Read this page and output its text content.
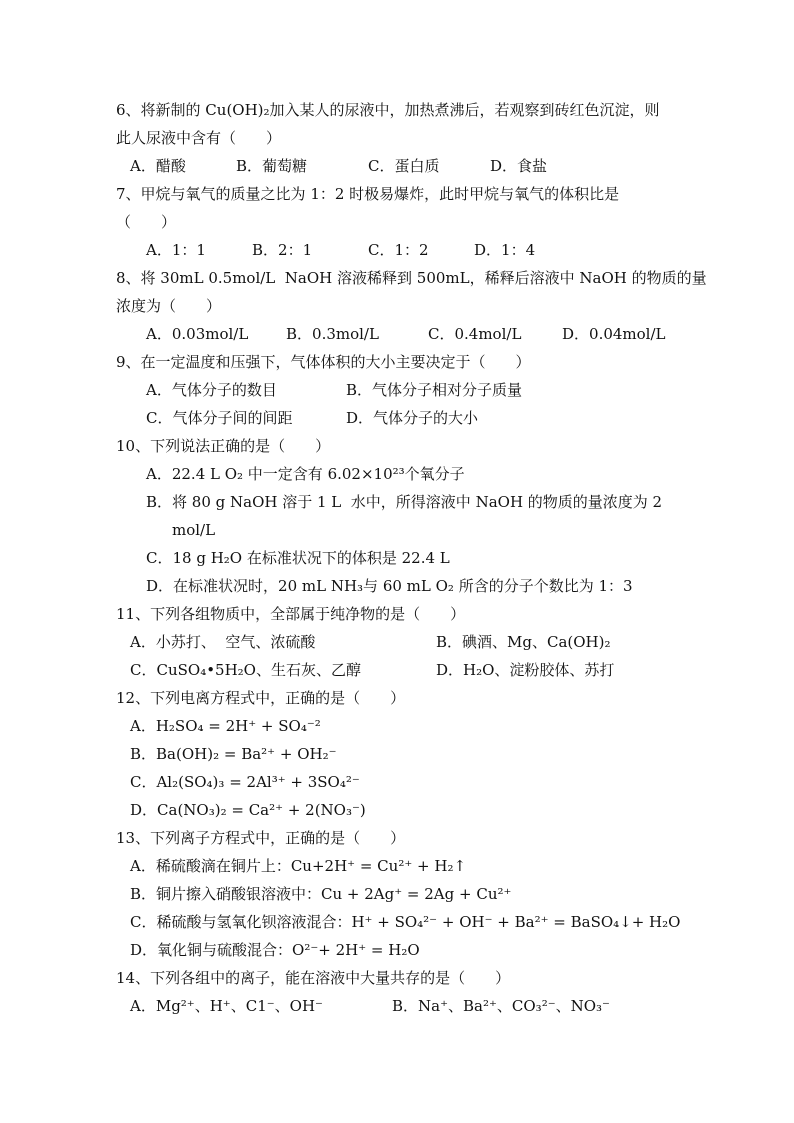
6、将新制的 Cu(OH)₂加入某人的尿液中，加热煮沸后，若观察到砖红色沉淀，则
此人尿液中含有（　　）
A．醋酸	B．葡萄糖	C．蛋白质	D．食盐
7、甲烷与氧气的质量之比为 1：2 时极易爆炸，此时甲烷与氧气的体积比是
（　　）
A．1：1	B．2：1	C．1：2	D．1：4
8、将 30mL 0.5mol/L  NaOH 溶液稀释到 500mL，稀释后溶液中 NaOH 的物质的量
浓度为（　　）
A．0.03mol/L	B．0.3mol/L	C．0.4mol/L	D．0.04mol/L
9、在一定温度和压强下，气体体积的大小主要决定于（　　）
A．气体分子的数目	B．气体分子相对分子质量
C．气体分子间的间距	D．气体分子的大小
10、下列说法正确的是（　　）
A．22.4 L O₂ 中一定含有 6.02×10²³个氧分子
B．将 80 g NaOH 溶于 1 L  水中，所得溶液中 NaOH 的物质的量浓度为 2
mol/L
C．18 g H₂O 在标准状况下的体积是 22.4 L
D．在标准状况时，20 mL NH₃与 60 mL O₂ 所含的分子个数比为 1：3
11、下列各组物质中，全部属于纯净物的是（　　）
A．小苏打、  空气、浓硫酸	B．碘酒、Mg、Ca(OH)₂
C．CuSO₄•5H₂O、生石灰、乙醇	D．H₂O、淀粉胶体、苏打
12、下列电离方程式中，正确的是（　　）
A．H₂SO₄ = 2H⁺ + SO₄⁻²
B．Ba(OH)₂ = Ba²⁺ + OH₂⁻
C．Al₂(SO₄)₃ = 2Al³⁺ + 3SO₄²⁻
D．Ca(NO₃)₂ = Ca²⁺ + 2(NO₃⁻)
13、下列离子方程式中，正确的是（　　）
A．稀硫酸滴在铜片上：Cu+2H⁺ = Cu²⁺ + H₂↑
B．铜片擦入硝酸银溶液中：Cu + 2Ag⁺ = 2Ag + Cu²⁺
C．稀硫酸与氢氧化钡溶液混合：H⁺ + SO₄²⁻ + OH⁻ + Ba²⁺ = BaSO₄↓+ H₂O
D．氧化铜与硫酸混合：O²⁻+ 2H⁺ = H₂O
14、下列各组中的离子，能在溶液中大量共存的是（　　）
A．Mg²⁺、H⁺、C1⁻、OH⁻	B．Na⁺、Ba²⁺、CO₃²⁻、NO₃⁻
